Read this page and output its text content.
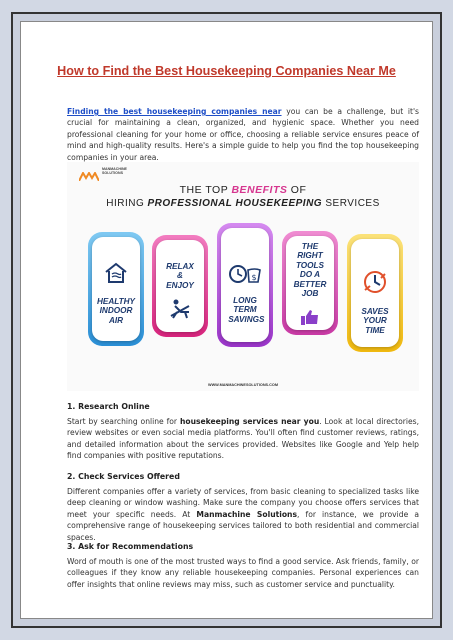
How to Find the Best Housekeeping Companies Near Me
Finding the best housekeeping companies near you can be a challenge, but it's crucial for maintaining a clean, organized, and hygienic space. Whether you need professional cleaning for your home or office, choosing a reliable service ensures peace of mind and high-quality results. Here's a simple guide to help you find the top housekeeping companies in your area.
MANMACHINE
SOLUTIONS
THE TOP BENEFITS OF
HIRING PROFESSIONAL HOUSEKEEPING SERVICES
HEALTHY INDOOR AIR
RELAX & ENJOY
$
LONG TERM SAVINGS
THE RIGHT TOOLS DO A BETTER JOB
SAVES YOUR TIME
WWW.MANMACHINESOLUTIONS.COM
1. Research Online
Start by searching online for housekeeping services near you. Look at local directories, review websites or even social media platforms. You'll often find customer reviews, ratings, and detailed information about the services provided. Websites like Google and Yelp help find companies with positive reputations.
2. Check Services Offered
Different companies offer a variety of services, from basic cleaning to specialized tasks like deep cleaning or window washing. Make sure the company you choose offers services that meet your specific needs. At Manmachine Solutions, for instance, we provide a comprehensive range of housekeeping services tailored to both residential and commercial spaces.
3. Ask for Recommendations
Word of mouth is one of the most trusted ways to find a good service. Ask friends, family, or colleagues if they know any reliable housekeeping companies. Personal experiences can offer insights that online reviews may miss, such as customer service and punctuality.
